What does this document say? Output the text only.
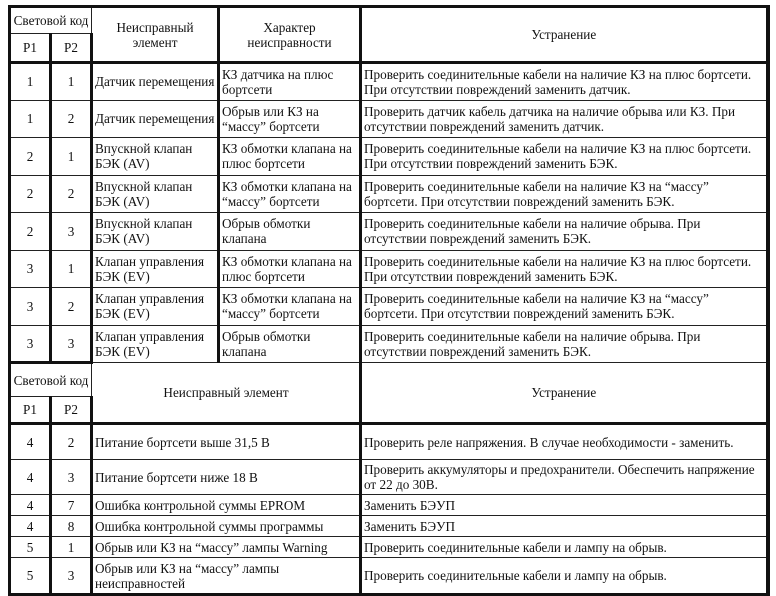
Световой код		Неисправный элемент	Характер неисправности	Устранение
P1	P2			
1	1	Датчик перемещения	КЗ датчика на плюс бортсети	Проверить соединительные кабели на наличие КЗ на плюс бортсети. При отсутствии повреждений заменить датчик.
1	2	Датчик перемещения	Обрыв или КЗ на “массу” бортсети	Проверить датчик кабель датчика на наличие обрыва или КЗ. При отсутствии повреждений заменить датчик.
2	1	Впускной клапан БЭК (AV)	КЗ обмотки клапана на плюс бортсети	Проверить соединительные кабели на наличие КЗ на плюс бортсети. При отсутствии повреждений заменить БЭК.
2	2	Впускной клапан БЭК (AV)	КЗ обмотки клапана на “массу” бортсети	Проверить соединительные кабели на наличие КЗ на “массу” бортсети. При отсутствии повреждений заменить БЭК.
2	3	Впускной клапан БЭК (AV)	Обрыв обмотки клапана	Проверить соединительные кабели на наличие обрыва. При отсутствии повреждений заменить БЭК.
3	1	Клапан управления БЭК (EV)	КЗ обмотки клапана на плюс бортсети	Проверить соединительные кабели на наличие КЗ на плюс бортсети. При отсутствии повреждений заменить БЭК.
3	2	Клапан управления БЭК (EV)	КЗ обмотки клапана на “массу” бортсети	Проверить соединительные кабели на наличие КЗ на “массу” бортсети. При отсутствии повреждений заменить БЭК.
3	3	Клапан управления БЭК (EV)	Обрыв обмотки клапана	Проверить соединительные кабели на наличие обрыва. При отсутствии повреждений заменить БЭК.
Световой код		Неисправный элемент		Устранение
P1	P2			
4	2	Питание бортсети выше 31,5 В		Проверить реле напряжения. В случае необходимости - заменить.
4	3	Питание бортсети ниже 18 В		Проверить аккумуляторы и предохранители. Обеспечить напряжение от 22 до 30В.
4	7	Ошибка контрольной суммы EPROM		Заменить БЭУП
4	8	Ошибка контрольной суммы программы		Заменить БЭУП
5	1	Обрыв или КЗ на “массу” лампы Warning		Проверить соединительные кабели и лампу на обрыв.
5	3	Обрыв или КЗ на “массу” лампы неисправностей		Проверить соединительные кабели и лампу на обрыв.
